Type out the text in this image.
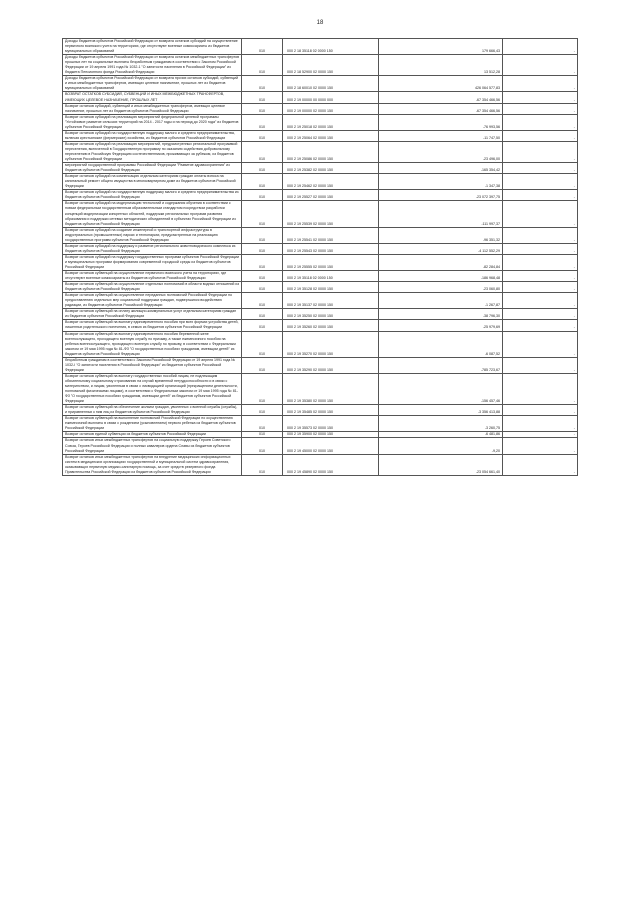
18
Доходы бюджетов субъектов Российской Федерации от возврата остатков субсидий на осуществление первичного воинского учета на территориях, где отсутствуют военные комиссариаты из бюджетов муниципальных образований	010	000 2 18 35118 02 0000 150	179 666,43	-
Доходы бюджетов субъектов Российской Федерации от возврата остатков межбюджетных трансфертов прошлых лет на социальные выплаты безработным гражданам в соответствии с Законом Российской Федерации от 19 апреля 1991 года № 1032-1 "О занятости населения в Российской Федерации" из бюджета Пенсионного фонда Российской Федерации	010	000 2 18 52900 02 0000 150	13 512,28	-
Доходы бюджетов субъектов Российской Федерации от возврата прочих остатков субсидий, субвенций и иных межбюджетных трансфертов, имеющих целевое назначение, прошлых лет из бюджетов муниципальных образований	010	000 2 18 60010 02 0000 150	426 064 577,83	-
ВОЗВРАТ ОСТАТКОВ СУБСИДИЙ, СУБВЕНЦИЙ И ИНЫХ МЕЖБЮДЖЕТНЫХ ТРАНСФЕРТОВ, ИМЕЮЩИХ ЦЕЛЕВОЕ НАЗНАЧЕНИЕ, ПРОШЛЫХ ЛЕТ	010	000 2 19 00000 00 0000 000	-67 354 466,56	-
Возврат остатков субсидий, субвенций и иных межбюджетных трансфертов, имеющих целевое назначение, прошлых лет из бюджетов субъектов Российской Федерации	010	000 2 19 00000 02 0000 150	-67 354 466,56	-
Возврат остатков субсидий на реализацию мероприятий федеральной целевой программы "Устойчивое развитие сельских территорий на 2014 - 2017 годы и на период до 2020 года" из бюджетов субъектов Российской Федерации	010	000 2 19 25018 02 0000 150	-76 993,56	-
Возврат остатков субсидий на государственную поддержку малого и среднего предпринимательства, включая крестьянские (фермерские) хозяйства, из бюджетов субъектов Российской Федерации	010	000 2 19 25064 02 0000 150	-11 747,50	-
Возврат остатков субсидий на реализацию мероприятий, предусмотренных региональной программой переселения, включенной в Государственную программу по оказанию содействия добровольному переселению в Российскую Федерацию соотечественников, проживающих за рубежом, из бюджетов субъектов Российской Федерации	010	000 2 19 25086 02 0000 150	-23 496,00	-
мероприятий государственной программы Российской Федерации "Развитие здравоохранения" из бюджетов субъектов Российской Федерации	010	000 2 19 25382 02 0000 150	-165 354,42	-
Возврат остатков субсидий на компенсацию отдельным категориям граждан оплаты взноса на капитальный ремонт общего имущества в многоквартирном доме из бюджетов субъектов Российской Федерации	010	000 2 19 25462 02 0000 150	-1 347,38	-
Возврат остатков субсидий на государственную поддержку малого и среднего предпринимательства из бюджетов субъектов Российской Федерации	010	000 2 19 25527 02 0000 150	-23 072 397,75	-
Возврат остатков субсидий на модернизацию технологий и содержания обучения в соответствии с новым федеральным государственным образовательным стандартом посредством разработки концепций модернизации конкретных областей, поддержки региональных программ развития образования и поддержки сетевых методических объединений в субъектах Российской Федерации из бюджетов субъектов Российской Федерации	010	000 2 19 25539 02 0000 150	-111 997,37	-
Возврат остатков субсидий на создание инженерной и транспортной инфраструктуры в индустриальных (промышленных) парках и технопарках, предусмотренных на реализацию государственных программ субъектов Российской Федерации	010	000 2 19 25541 02 0000 150	-96 351,32	-
Возврат остатков субсидий на поддержку и развитие регионального животноводческого комплекса из бюджетов субъектов Российской Федерации	010	000 2 19 25543 02 0000 150	-4 112 552,29	-
Возврат остатков субсидий на поддержку государственных программ субъектов Российской Федерации и муниципальных программ формирования современной городской среды из бюджетов субъектов Российской Федерации	010	000 2 19 25555 02 0000 150	-82 284,84	-
Возврат остатков субвенций на осуществление первичного воинского учета на территориях, где отсутствуют военные комиссариаты из бюджетов субъектов Российской Федерации	010	000 2 19 35118 02 0000 150	-186 968,48	-
Возврат остатков субвенций на осуществление отдельных полномочий в области водных отношений из бюджетов субъектов Российской Федерации	010	000 2 19 35128 02 0000 150	-23 060,80	-
Возврат остатков субвенций на осуществление переданных полномочий Российской Федерации по предоставлению отдельных мер социальной поддержки граждан, подвергшихся воздействию радиации, из бюджетов субъектов Российской Федерации	010	000 2 19 35137 02 0000 150	-1 267,87	-
Возврат остатков субвенций на оплату жилищно-коммунальных услуг отдельным категориям граждан из бюджетов субъектов Российской Федерации	010	000 2 19 35250 02 0000 150	-38 796,30	-
Возврат остатков субвенций на выплату единовременного пособия при всех формах устройства детей, лишенных родительского попечения, в семью из бюджетов субъектов Российской Федерации	010	000 2 19 35260 02 0000 150	-25 979,69	-
Возврат остатков субвенций на выплату единовременного пособия беременной жене военнослужащего, проходящего военную службу по призыву, а также ежемесячного пособия на ребенка военнослужащего, проходящего военную службу по призыву, в соответствии с Федеральным законом от 19 мая 1995 года № 81-ФЗ "О государственных пособиях гражданам, имеющим детей" из бюджетов субъектов Российской Федерации	010	000 2 19 35270 02 0000 150	-6 087,52	-
безработным гражданам в соответствии с Законом Российской Федерации от 19 апреля 1991 года № 1032-I "О занятости населения в Российской Федерации" из бюджетов субъектов Российской Федерации	010	000 2 19 35290 02 0000 150	-785 723,67	-
Возврат остатков субвенций на выплату государственных пособий лицам, не подлежащим обязательному социальному страхованию на случай временной нетрудоспособности и в связи с материнством, и лицам, уволенным в связи с ликвидацией организаций (прекращением деятельности, полномочий физическими лицами), в соответствии с Федеральным законом от 19 мая 1995 года № 81-ФЗ "О государственных пособиях гражданам, имеющим детей" из бюджетов субъектов Российской Федерации	010	000 2 19 35380 02 0000 150	-156 457,46	-
Возврат остатков субвенций на обеспечение жильем граждан, уволенных с военной службы (службы), и приравненных к ним лиц из бюджетов субъектов Российской Федерации	010	000 2 19 35485 02 0000 150	-3 356 413,88	-
Возврат остатков субвенций на выполнение полномочий Российской Федерации по осуществлению ежемесячной выплаты в связи с рождением (усыновлением) первого ребенка из бюджетов субъектов Российской Федерации	010	000 2 19 35573 02 0000 150	-3 260,75	-
Возврат остатков единой субвенции из бюджетов субъектов Российской Федерации	010	000 2 19 35900 02 0000 150	-6 481,86	-
Возврат остатков иных межбюджетных трансфертов на социальную поддержку Героев Советского Союза, Героев Российской Федерации и полных кавалеров ордена Славы из бюджетов субъектов Российской Федерации	010	000 2 19 45000 02 0000 150	-9,20	-
Возврат остатков иных межбюджетных трансфертов на внедрение медицинских информационных систем в медицинских организациях государственной и муниципальной систем здравоохранения, оказывающих первичную медико-санитарную помощь, за счет средств резервного фонда Правительства Российской Федерации из бюджетов субъектов Российской Федерации	010	000 2 19 45890 02 0000 150	-23 054 661,40	-
